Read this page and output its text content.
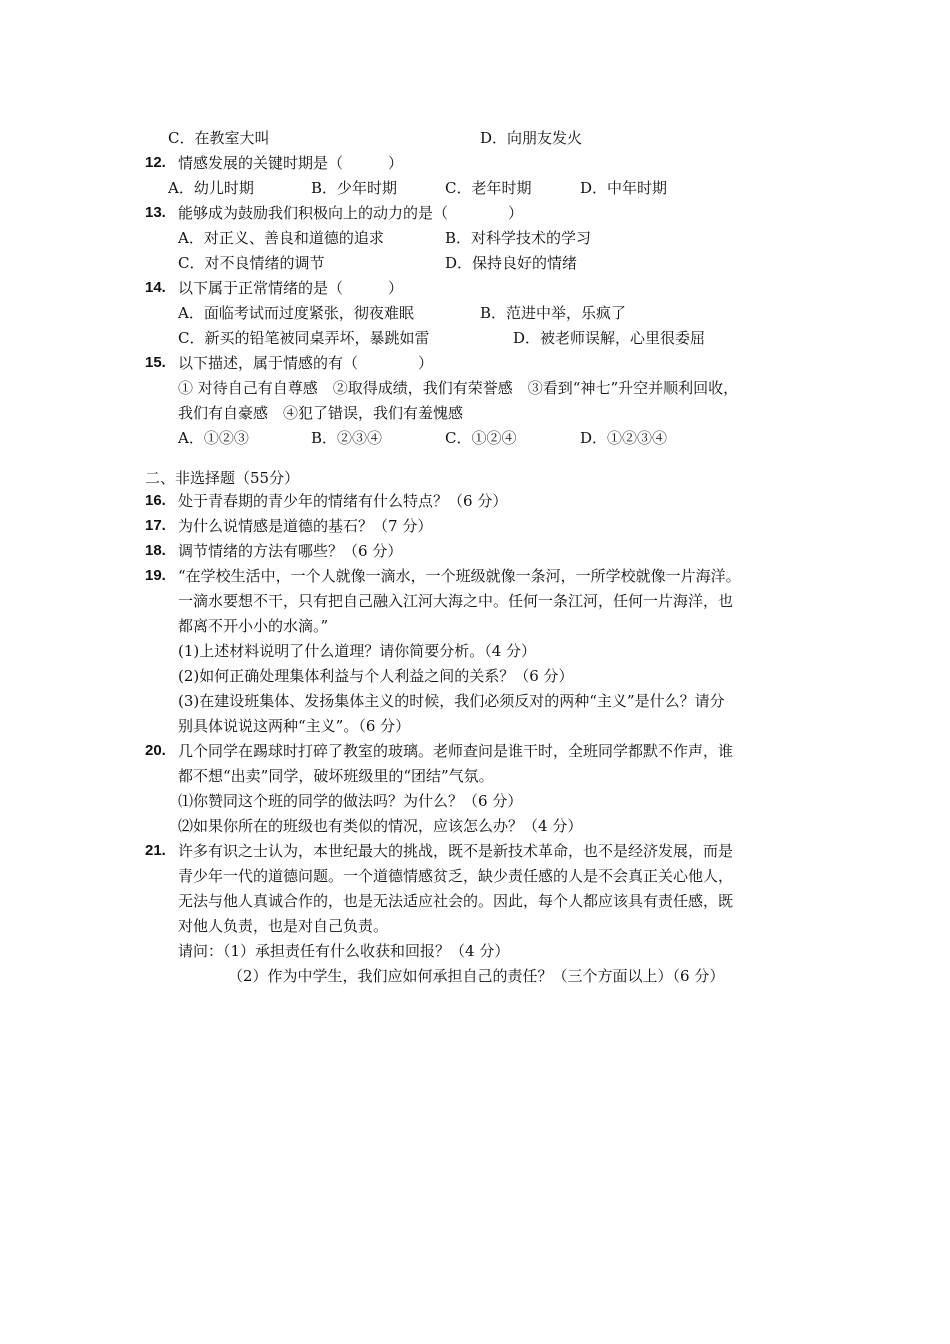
C．在教室大叫	D．向朋友发火
12. 情感发展的关键时期是（　　　）
A．幼儿时期	B．少年时期	C．老年时期	D．中年时期
13. 能够成为鼓励我们积极向上的动力的是（　　　　）
A．对正义、善良和道德的追求	B．对科学技术的学习
C．对不良情绪的调节	D．保持良好的情绪
14. 以下属于正常情绪的是（　　　）
A．面临考试而过度紧张，彻夜难眠	B．范进中举，乐疯了
C．新买的铅笔被同桌弄坏，暴跳如雷	D．被老师误解，心里很委屈
15. 以下描述，属于情感的有（　　　　）
① 对待自己有自尊感　②取得成绩，我们有荣誉感　③看到“神七”升空并顺利回收，
我们有自豪感　④犯了错误，我们有羞愧感
A．①②③	B．②③④	C．①②④	D．①②③④
二、非选择题（55分）
16. 处于青春期的青少年的情绪有什么特点？（6 分）
17. 为什么说情感是道德的基石？（7 分）
18. 调节情绪的方法有哪些？（6 分）
19. “在学校生活中，一个人就像一滴水，一个班级就像一条河，一所学校就像一片海洋。
一滴水要想不干，只有把自己融入江河大海之中。任何一条江河，任何一片海洋，也
都离不开小小的水滴。”
(1)上述材料说明了什么道理？请你简要分析。（4 分）
(2)如何正确处理集体利益与个人利益之间的关系？（6 分）
(3)在建设班集体、发扬集体主义的时候，我们必须反对的两种“主义”是什么？请分
别具体说说这两种“主义”。（6 分）
20. 几个同学在踢球时打碎了教室的玻璃。老师查问是谁干时，全班同学都默不作声，谁
都不想“出卖”同学，破坏班级里的“团结”气氛。
⑴你赞同这个班的同学的做法吗？为什么？（6 分）
⑵如果你所在的班级也有类似的情况，应该怎么办？（4 分）
21. 许多有识之士认为，本世纪最大的挑战，既不是新技术革命，也不是经济发展，而是
青少年一代的道德问题。一个道德情感贫乏，缺少责任感的人是不会真正关心他人，
无法与他人真诚合作的，也是无法适应社会的。因此，每个人都应该具有责任感，既
对他人负责，也是对自己负责。
请问：（1）承担责任有什么收获和回报？（4 分）
（2）作为中学生，我们应如何承担自己的责任？（三个方面以上）（6 分）
